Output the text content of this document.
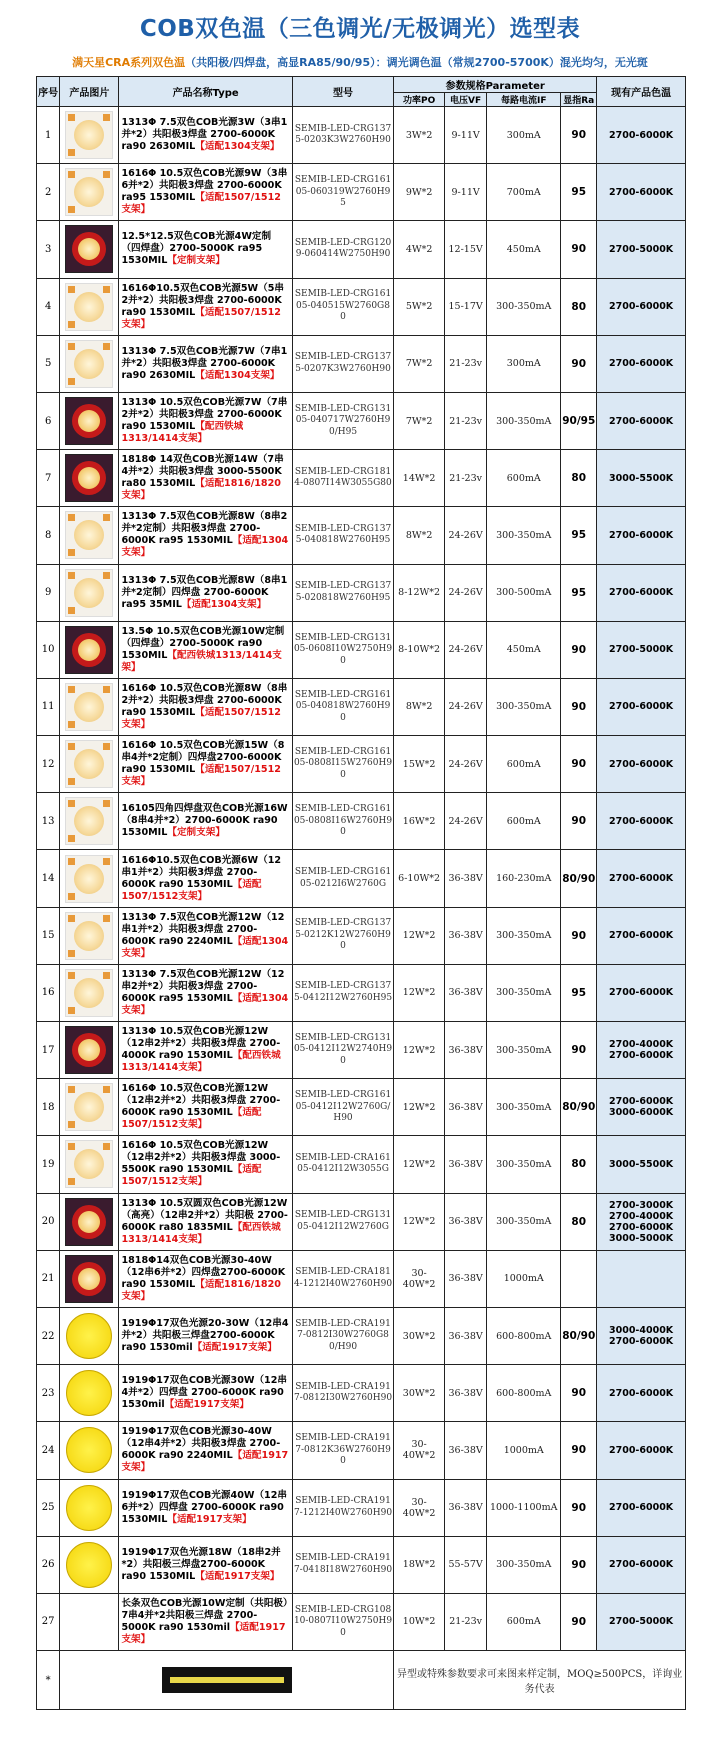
COB双色温（三色调光/无极调光）选型表
满天星CRA系列双色温（共阳极/四焊盘，高显RA85/90/95）：调光调色温（常规2700-5700K）混光均匀，无光斑
序号	产品图片	产品名称Type	型号	参数规格Parameter				现有产品色温
				功率PO	电压VF	每路电流IF	显指Ra	
1		1313Φ 7.5双色COB光源3W（3串1并*2）共阳极3焊盘 2700-6000K ra90 2630MIL【适配1304支架】	SEMIB-LED-CRG1375-0203K3W2760H90	3W*2	9-11V	300mA	90	2700-6000K
2		1616Φ 10.5双色COB光源9W（3串6并*2）共阳极3焊盘 2700-6000K ra95 1530MIL【适配1507/1512支架】	SEMIB-LED-CRG16105-060319W2760H95	9W*2	9-11V	700mA	95	2700-6000K
3		12.5*12.5双色COB光源4W定制（四焊盘）2700-5000K ra95 1530MIL【定制支架】	SEMIB-LED-CRG1209-060414W2750H90	4W*2	12-15V	450mA	90	2700-5000K
4		1616Φ10.5双色COB光源5W（5串2并*2）共阳极3焊盘 2700-6000K ra90 1530MIL【适配1507/1512支架】	SEMIB-LED-CRG16105-040515W2760G80	5W*2	15-17V	300-350mA	80	2700-6000K
5		1313Φ 7.5双色COB光源7W（7串1并*2）共阳极3焊盘 2700-6000K ra90 2630MIL【适配1304支架】	SEMIB-LED-CRG1375-0207K3W2760H90	7W*2	21-23v	300mA	90	2700-6000K
6		1313Φ 10.5双色COB光源7W（7串2并*2）共阳极3焊盘 2700-6000K ra90 1530MIL【配西铁城1313/1414支架】	SEMIB-LED-CRG13105-040717W2760H90/H95	7W*2	21-23v	300-350mA	90/95	2700-6000K
7		1818Φ 14双色COB光源14W（7串4并*2）共阳极3焊盘 3000-5500K ra80 1530MIL【适配1816/1820支架】	SEMIB-LED-CRG1814-0807I14W3055G80	14W*2	21-23v	600mA	80	3000-5500K
8		1313Φ 7.5双色COB光源8W（8串2并*2定制）共阳极3焊盘 2700-6000K ra95 1530MIL【适配1304支架】	SEMIB-LED-CRG1375-040818W2760H95	8W*2	24-26V	300-350mA	95	2700-6000K
9		1313Φ 7.5双色COB光源8W（8串1并*2定制）四焊盘 2700-6000K ra95 35MIL【适配1304支架】	SEMIB-LED-CRG1375-020818W2760H95	8-12W*2	24-26V	300-500mA	95	2700-6000K
10		13.5Φ 10.5双色COB光源10W定制（四焊盘）2700-5000K ra90 1530MIL【配西铁城1313/1414支架】	SEMIB-LED-CRG13105-0608I10W2750H90	8-10W*2	24-26V	450mA	90	2700-5000K
11		1616Φ 10.5双色COB光源8W（8串2并*2）共阳极3焊盘 2700-6000K ra90 1530MIL【适配1507/1512支架】	SEMIB-LED-CRG16105-040818W2760H90	8W*2	24-26V	300-350mA	90	2700-6000K
12		1616Φ 10.5双色COB光源15W（8串4并*2定制）四焊盘2700-6000K ra90 1530MIL【适配1507/1512支架】	SEMIB-LED-CRG16105-0808I15W2760H90	15W*2	24-26V	600mA	90	2700-6000K
13		16105四角四焊盘双色COB光源16W（8串4并*2）2700-6000K ra90 1530MIL【定制支架】	SEMIB-LED-CRG16105-0808I16W2760H90	16W*2	24-26V	600mA	90	2700-6000K
14		1616Φ10.5双色COB光源6W（12串1并*2）共阳极3焊盘 2700-6000K ra90 1530MIL【适配1507/1512支架】	SEMIB-LED-CRG16105-0212I6W2760G	6-10W*2	36-38V	160-230mA	80/90	2700-6000K
15		1313Φ 7.5双色COB光源12W（12串1并*2）共阳极3焊盘 2700-6000K ra90 2240MIL【适配1304支架】	SEMIB-LED-CRG1375-0212K12W2760H90	12W*2	36-38V	300-350mA	90	2700-6000K
16		1313Φ 7.5双色COB光源12W（12串2并*2）共阳极3焊盘 2700-6000K ra95 1530MIL【适配1304支架】	SEMIB-LED-CRG1375-0412I12W2760H95	12W*2	36-38V	300-350mA	95	2700-6000K
17		1313Φ 10.5双色COB光源12W（12串2并*2）共阳极3焊盘 2700-4000K ra90 1530MIL【配西铁城1313/1414支架】	SEMIB-LED-CRG13105-0412I12W2740H90	12W*2	36-38V	300-350mA	90	2700-4000K
2700-6000K
18		1616Φ 10.5双色COB光源12W（12串2并*2）共阳极3焊盘 2700-6000K ra90 1530MIL【适配1507/1512支架】	SEMIB-LED-CRG16105-0412I12W2760G/H90	12W*2	36-38V	300-350mA	80/90	2700-6000K
3000-6000K
19		1616Φ 10.5双色COB光源12W（12串2并*2）共阳极3焊盘 3000-5500K ra90 1530MIL【适配1507/1512支架】	SEMIB-LED-CRA16105-0412I12W3055G	12W*2	36-38V	300-350mA	80	3000-5500K
20		1313Φ 10.5双圆双色COB光源12W（高亮）（12串2并*2）共阳极 2700-6000K ra80 1835MIL【配西铁城1313/1414支架】	SEMIB-LED-CRG13105-0412I12W2760G	12W*2	36-38V	300-350mA	80	2700-3000K
2700-4000K
2700-6000K
3000-5000K
21		1818Φ14双色COB光源30-40W（12串6并*2）四焊盘2700-6000K ra90 1530MIL【适配1816/1820支架】	SEMIB-LED-CRA1814-1212I40W2760H90	30-40W*2	36-38V	1000mA		
22		1919Φ17双色光源20-30W（12串4并*2）共阳极三焊盘2700-6000K ra90 1530mil【适配1917支架】	SEMIB-LED-CRA1917-0812I30W2760G80/H90	30W*2	36-38V	600-800mA	80/90	3000-4000K
2700-6000K
23		1919Φ17双色COB光源30W（12串4并*2）四焊盘 2700-6000K ra90 1530mil【适配1917支架】	SEMIB-LED-CRA1917-0812I30W2760H90	30W*2	36-38V	600-800mA	90	2700-6000K
24		1919Φ17双色COB光源30-40W（12串4并*2）共阳极3焊盘 2700-6000K ra90 2240MIL【适配1917支架】	SEMIB-LED-CRA1917-0812K36W2760H90	30-40W*2	36-38V	1000mA	90	2700-6000K
25		1919Φ17双色COB光源40W（12串6并*2）四焊盘 2700-6000K ra90 1530MIL【适配1917支架】	SEMIB-LED-CRA1917-1212I40W2760H90	30-40W*2	36-38V	1000-1100mA	90	2700-6000K
26		1919Φ17双色光源18W（18串2并*2）共阳极三焊盘2700-6000K ra90 1530MIL【适配1917支架】	SEMIB-LED-CRA1917-0418I18W2760H90	18W*2	55-57V	300-350mA	90	2700-6000K
27		长条双色COB光源10W定制（共阳极）7串4并*2共阳极三焊盘 2700-5000K ra90 1530mil【适配1917支架】	SEMIB-LED-CRG10810-0807I10W2750H90	10W*2	21-23v	600mA	90	2700-5000K
*				异型或特殊参数要求可来图来样定制，MOQ≥500PCS，详询业务代表				
